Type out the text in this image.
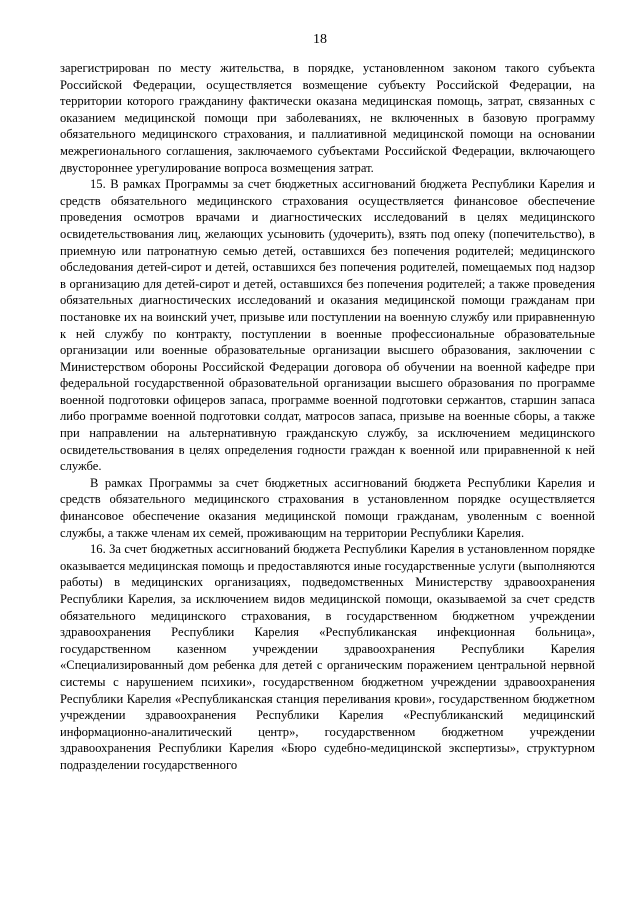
18

зарегистрирован по месту жительства, в порядке, установленном законом такого субъекта Российской Федерации, осуществляется возмещение субъекту Российской Федерации, на территории которого гражданину фактически оказана медицинская помощь, затрат, связанных с оказанием медицинской помощи при заболеваниях, не включенных в базовую программу обязательного медицинского страхования, и паллиативной медицинской помощи на основании межрегионального соглашения, заключаемого субъектами Российской Федерации, включающего двустороннее урегулирование вопроса возмещения затрат.

15. В рамках Программы за счет бюджетных ассигнований бюджета Республики Карелия и средств обязательного медицинского страхования осуществляется финансовое обеспечение проведения осмотров врачами и диагностических исследований в целях медицинского освидетельствования лиц, желающих усыновить (удочерить), взять под опеку (попечительство), в приемную или патронатную семью детей, оставшихся без попечения родителей; медицинского обследования детей-сирот и детей, оставшихся без попечения родителей, помещаемых под надзор в организацию для детей-сирот и детей, оставшихся без попечения родителей; а также проведения обязательных диагностических исследований и оказания медицинской помощи гражданам при постановке их на воинский учет, призыве или поступлении на военную службу или приравненную к ней службу по контракту, поступлении в военные профессиональные образовательные организации или военные образовательные организации высшего образования, заключении с Министерством обороны Российской Федерации договора об обучении на военной кафедре при федеральной государственной образовательной организации высшего образования по программе военной подготовки офицеров запаса, программе военной подготовки сержантов, старшин запаса либо программе военной подготовки солдат, матросов запаса, призыве на военные сборы, а также при направлении на альтернативную гражданскую службу, за исключением медицинского освидетельствования в целях определения годности граждан к военной или приравненной к ней службе.

В рамках Программы за счет бюджетных ассигнований бюджета Республики Карелия и средств обязательного медицинского страхования в установленном порядке осуществляется финансовое обеспечение оказания медицинской помощи гражданам, уволенным с военной службы, а также членам их семей, проживающим на территории Республики Карелия.

16. За счет бюджетных ассигнований бюджета Республики Карелия в установленном порядке оказывается медицинская помощь и предоставляются иные государственные услуги (выполняются работы) в медицинских организациях, подведомственных Министерству здравоохранения Республики Карелия, за исключением видов медицинской помощи, оказываемой за счет средств обязательного медицинского страхования, в государственном бюджетном учреждении здравоохранения Республики Карелия «Республиканская инфекционная больница», государственном казенном учреждении здравоохранения Республики Карелия «Специализированный дом ребенка для детей с органическим поражением центральной нервной системы с нарушением психики», государственном бюджетном учреждении здравоохранения Республики Карелия «Республиканская станция переливания крови», государственном бюджетном учреждении здравоохранения Республики Карелия «Республиканский медицинский информационно-аналитический центр», государственном бюджетном учреждении здравоохранения Республики Карелия «Бюро судебно-медицинской экспертизы», структурном подразделении государственного
